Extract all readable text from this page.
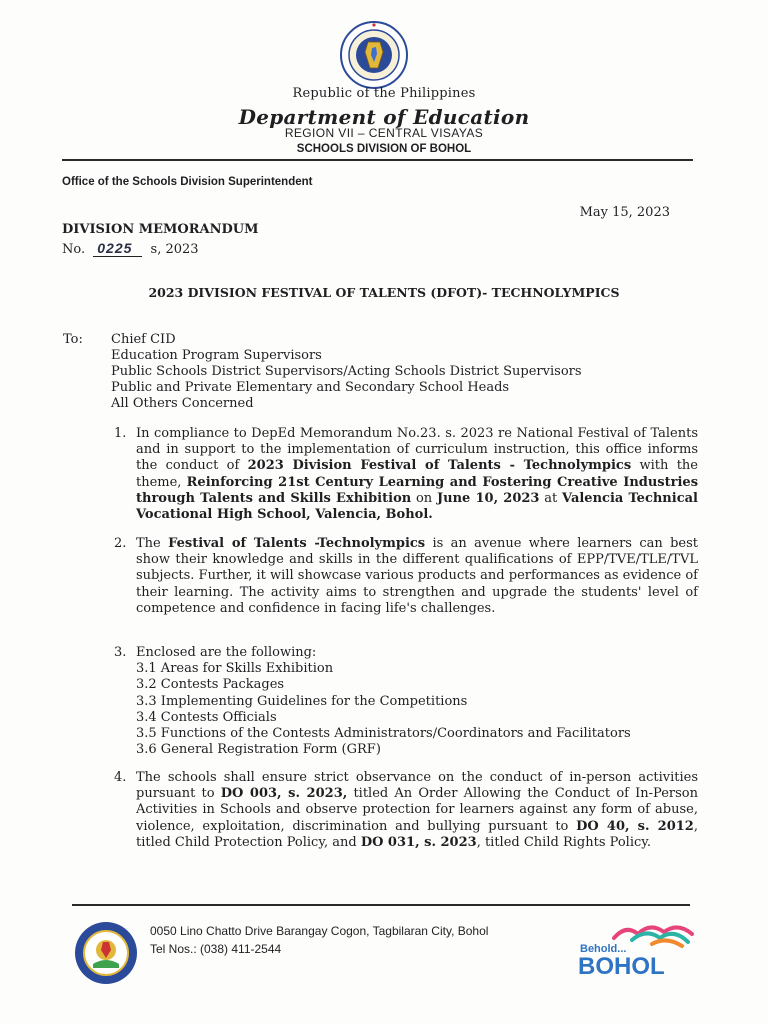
Republic of the Philippines
Department of Education
REGION VII – CENTRAL VISAYAS
SCHOOLS DIVISION OF BOHOL
Office of the Schools Division Superintendent
May 15, 2023
DIVISION MEMORANDUM
No. 0225 s, 2023
2023 DIVISION FESTIVAL OF TALENTS (DFOT)- TECHNOLYMPICS
To: Chief CID
Education Program Supervisors
Public Schools District Supervisors/Acting Schools District Supervisors
Public and Private Elementary and Secondary School Heads
All Others Concerned
1. In compliance to DepEd Memorandum No.23. s. 2023 re National Festival of Talents and in support to the implementation of curriculum instruction, this office informs the conduct of 2023 Division Festival of Talents - Technolympics with the theme, Reinforcing 21st Century Learning and Fostering Creative Industries through Talents and Skills Exhibition on June 10, 2023 at Valencia Technical Vocational High School, Valencia, Bohol.
2. The Festival of Talents -Technolympics is an avenue where learners can best show their knowledge and skills in the different qualifications of EPP/TVE/TLE/TVL subjects. Further, it will showcase various products and performances as evidence of their learning. The activity aims to strengthen and upgrade the students' level of competence and confidence in facing life's challenges.
3. Enclosed are the following:
3.1 Areas for Skills Exhibition
3.2 Contests Packages
3.3 Implementing Guidelines for the Competitions
3.4 Contests Officials
3.5 Functions of the Contests Administrators/Coordinators and Facilitators
3.6 General Registration Form (GRF)
4. The schools shall ensure strict observance on the conduct of in-person activities pursuant to DO 003, s. 2023, titled An Order Allowing the Conduct of In-Person Activities in Schools and observe protection for learners against any form of abuse, violence, exploitation, discrimination and bullying pursuant to DO 40, s. 2012, titled Child Protection Policy, and DO 031, s. 2023, titled Child Rights Policy.
0050 Lino Chatto Drive Barangay Cogon, Tagbilaran City, Bohol
Tel Nos.: (038) 411-2544	Behold...
BOHOL
